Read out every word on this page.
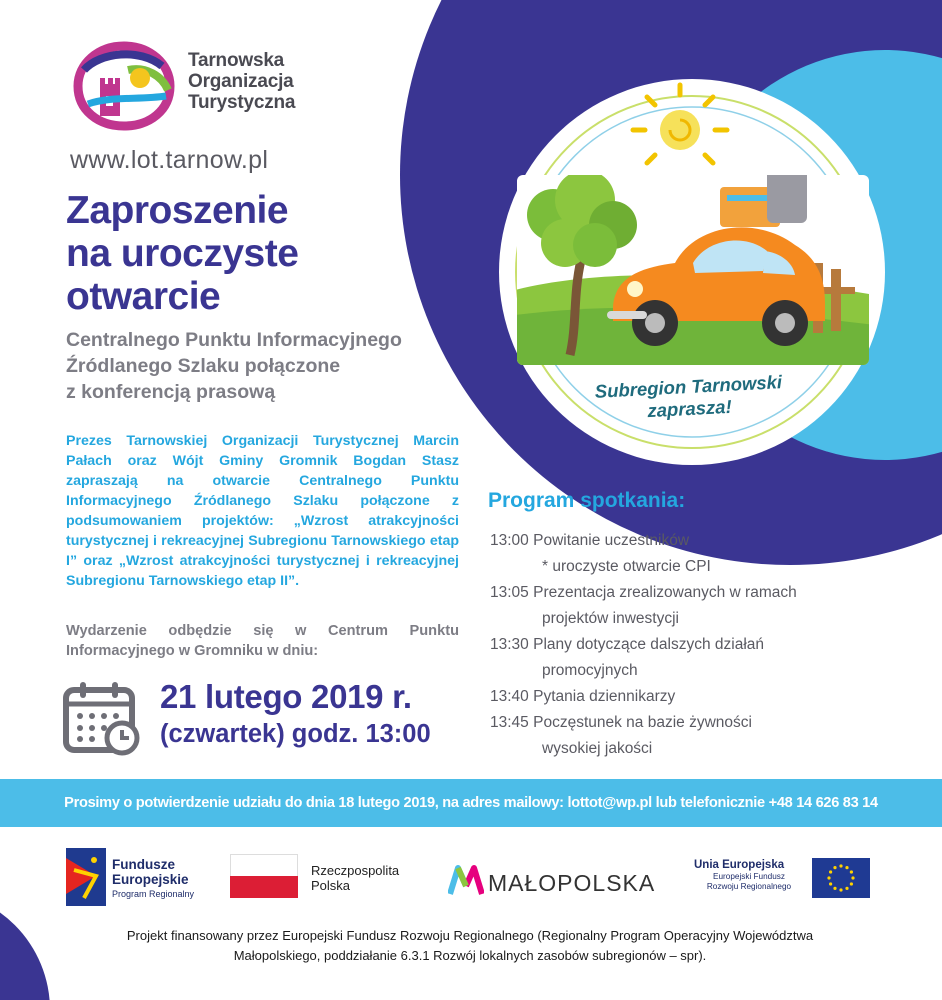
Tarnowska
Organizacja
Turystyczna
www.lot.tarnow.pl
Zaproszenie
na uroczyste
otwarcie
Centralnego Punktu Informacyjnego
Źródlanego Szlaku połączone
z konferencją prasową
Prezes Tarnowskiej Organizacji Turystycznej Marcin Pałach oraz Wójt Gminy Gromnik Bogdan Stasz zapraszają na otwarcie Centralnego Punktu Informacyjnego Źródlanego Szlaku połączone z podsumowaniem projektów: „Wzrost atrakcyjności turystycznej i rekreacyjnej Subregionu Tarnowskiego etap I” oraz „Wzrost atrakcyjności turystycznej i rekreacyjnej Subregionu Tarnowskiego etap II”.
Wydarzenie odbędzie się w Centrum Punktu Informacyjnego w Gromniku w dniu:
21 lutego 2019 r.
(czwartek) godz. 13:00
Subregion Tarnowski
zaprasza!
Program spotkania:
13:00 Powitanie uczestników
* uroczyste otwarcie CPI
13:05 Prezentacja zrealizowanych w ramach
projektów inwestycji
13:30 Plany dotyczące dalszych działań
promocyjnych
13:40 Pytania dziennikarzy
13:45 Poczęstunek na bazie żywności
wysokiej jakości
Prosimy o potwierdzenie udziału do dnia 18 lutego 2019, na adres mailowy: lottot@wp.pl lub telefonicznie +48 14 626 83 14
Fundusze
Europejskie
Program Regionalny
Rzeczpospolita
Polska	MAŁOPOLSKA
Unia Europejska
Europejski Fundusz
Rozwoju Regionalnego
Projekt finansowany przez Europejski Fundusz Rozwoju Regionalnego (Regionalny Program Operacyjny Województwa
Małopolskiego, poddziałanie 6.3.1 Rozwój lokalnych zasobów subregionów – spr).
